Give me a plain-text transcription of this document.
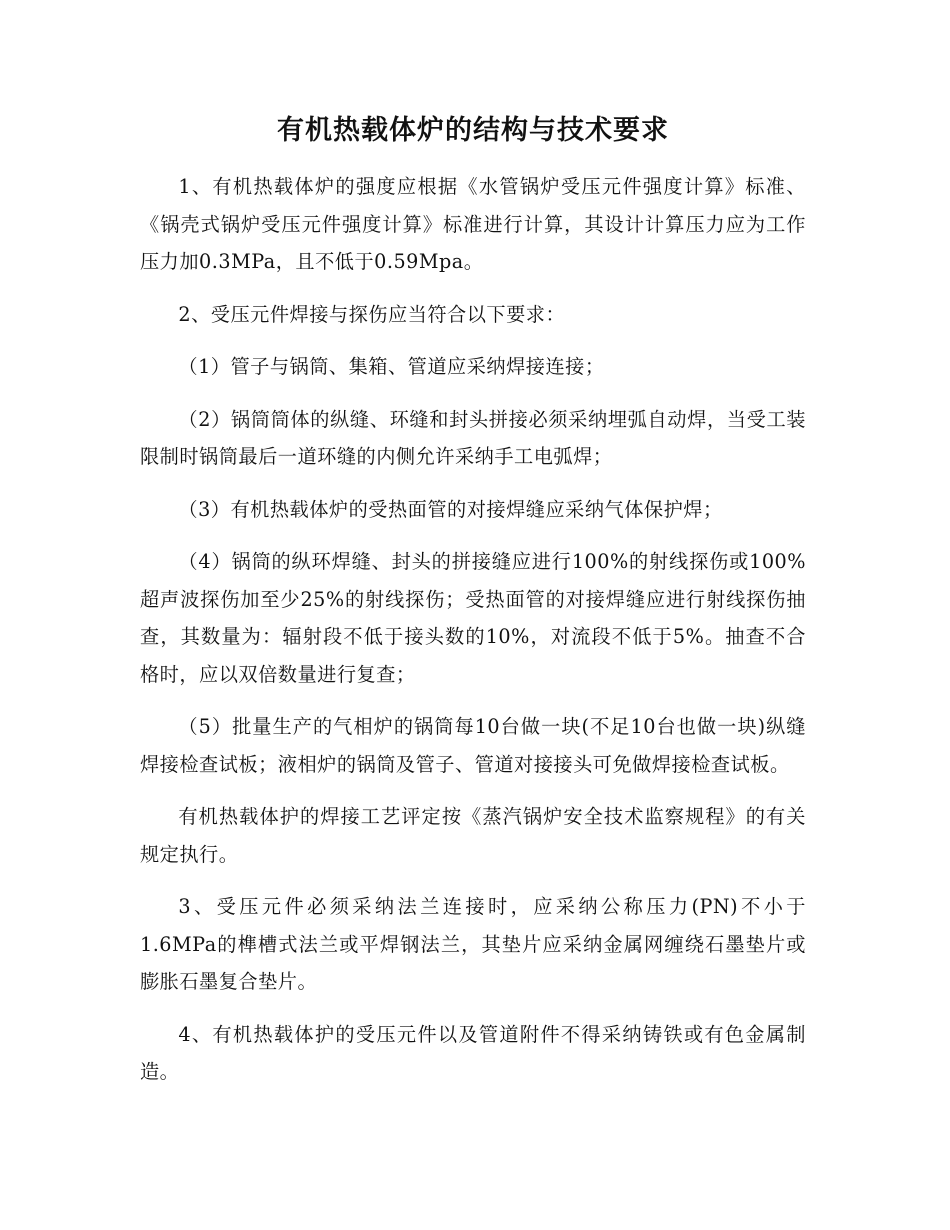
有机热载体炉的结构与技术要求

1、有机热载体炉的强度应根据《水管锅炉受压元件强度计算》标准、《锅壳式锅炉受压元件强度计算》标准进行计算，其设计计算压力应为工作压力加0.3MPa，且不低于0.59Mpa。

2、受压元件焊接与探伤应当符合以下要求：

（1）管子与锅筒、集箱、管道应采纳焊接连接；

（2）锅筒筒体的纵缝、环缝和封头拼接必须采纳埋弧自动焊，当受工装限制时锅筒最后一道环缝的内侧允许采纳手工电弧焊；

（3）有机热载体炉的受热面管的对接焊缝应采纳气体保护焊；

（4）锅筒的纵环焊缝、封头的拼接缝应进行100%的射线探伤或100%超声波探伤加至少25%的射线探伤；受热面管的对接焊缝应进行射线探伤抽查，其数量为：辐射段不低于接头数的10%，对流段不低于5%。抽查不合格时，应以双倍数量进行复查；

（5）批量生产的气相炉的锅筒每10台做一块(不足10台也做一块)纵缝焊接检查试板；液相炉的锅筒及管子、管道对接接头可免做焊接检查试板。

有机热载体护的焊接工艺评定按《蒸汽锅炉安全技术监察规程》的有关规定执行。

3、受压元件必须采纳法兰连接时，应采纳公称压力(PN)不小于1.6MPa的榫槽式法兰或平焊钢法兰，其垫片应采纳金属网缠绕石墨垫片或膨胀石墨复合垫片。

4、有机热载体护的受压元件以及管道附件不得采纳铸铁或有色金属制造。
